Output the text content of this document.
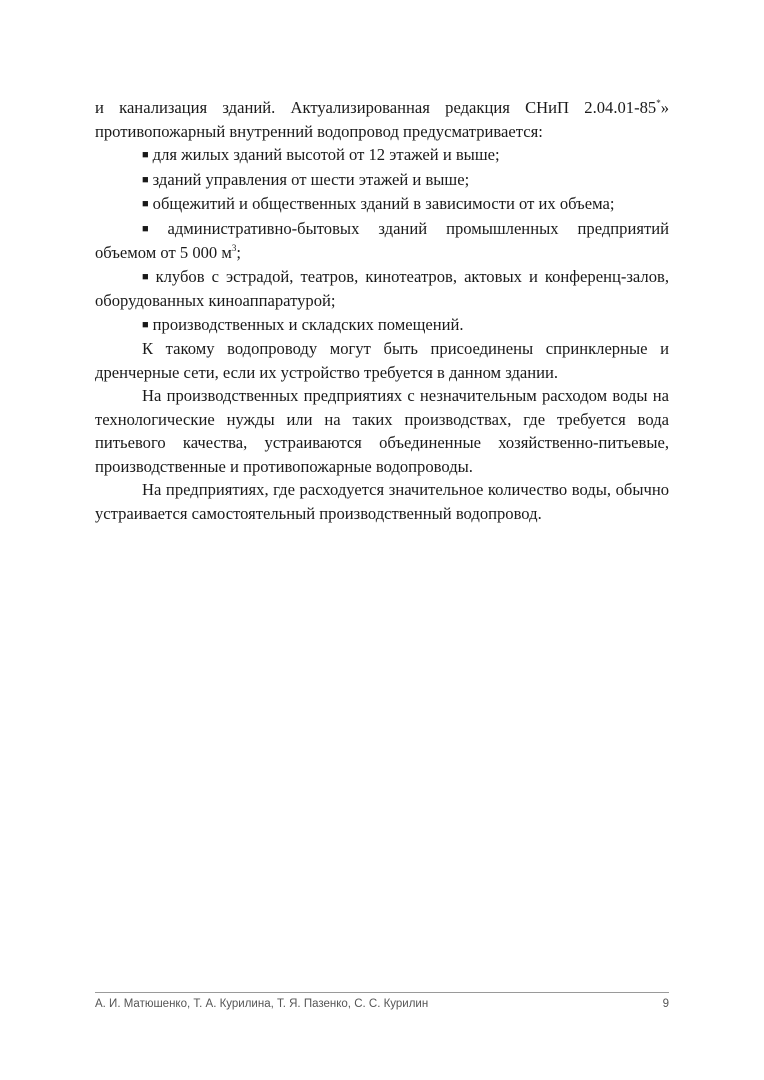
и канализация зданий. Актуализированная редакция СНиП 2.04.01-85*»

противопожарный внутренний водопровод предусматривается:

■ для жилых зданий высотой от 12 этажей и выше;

■ зданий управления от шести этажей и выше;

■ общежитий и общественных зданий в зависимости от их объема;

■ административно-бытовых зданий промышленных предприятий объемом от 5 000 $м^3$;

■ клубов с эстрадой, театров, кинотеатров, актовых и конференц-залов, оборудованных киноаппаратурой;

■ производственных и складских помещений.

К такому водопроводу могут быть присоединены спринклерные и дренчерные сети, если их устройство требуется в данном здании.

На производственных предприятиях с незначительным расходом воды на технологические нужды или на таких производствах, где требуется вода питьевого качества, устраиваются объединенные хозяйственно-питьевые, производственные и противопожарные водопроводы.

На предприятиях, где расходуется значительное количество воды, обычно устраивается самостоятельный производственный водопровод.

А. И. Матюшенко, Т. А. Курилина, Т. Я. Пазенко, С. С. Курилин	9
